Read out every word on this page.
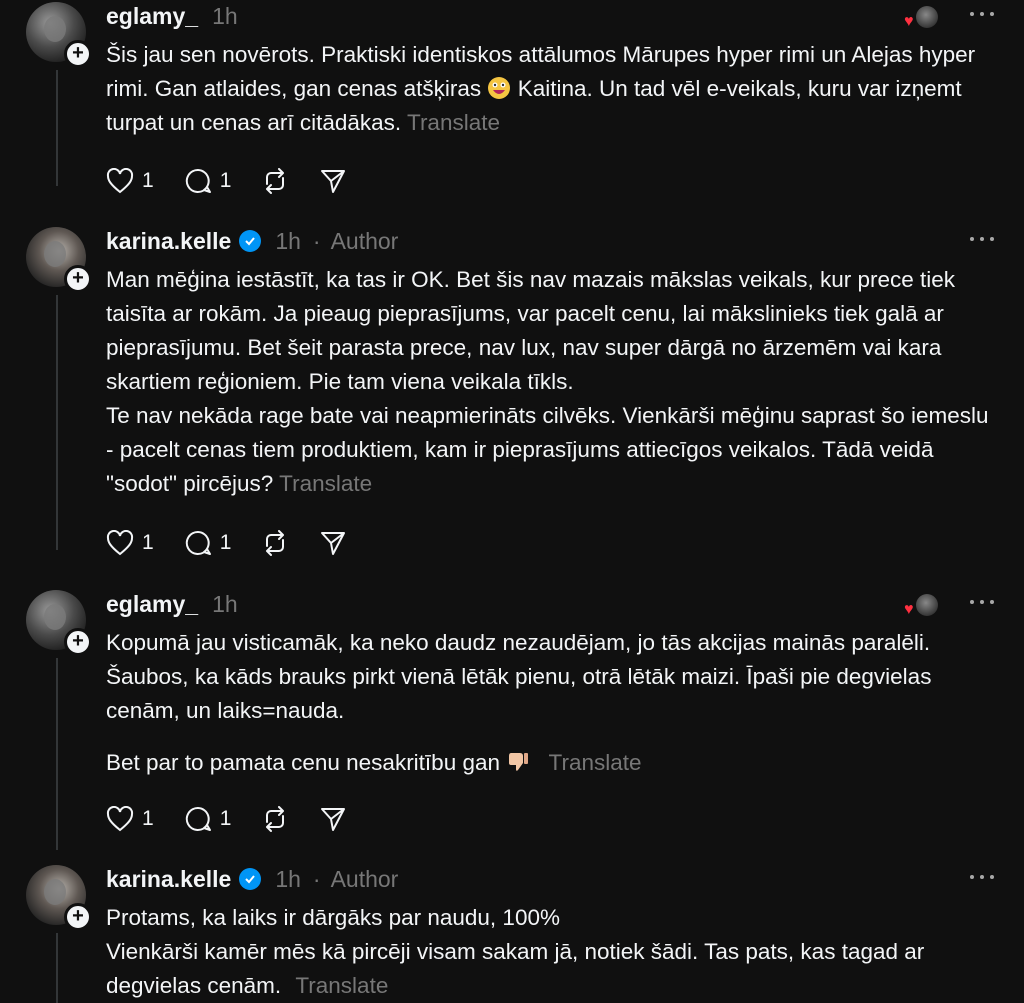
+
eglamy_ 1h	♥

Šis jau sen novērots. Praktiski identiskos attālumos Mārupes hyper rimi un Alejas hyper rimi. Gan atlaides, gan cenas atšķiras Kaitina. Un tad vēl e-veikals, kuru var izņemt turpat un cenas arī citādākas. Translate

1	1
+
karina.kelle 1h · Author

Man mēģina iestāstīt, ka tas ir OK. Bet šis nav mazais mākslas veikals, kur prece tiek taisīta ar rokām. Ja pieaug pieprasījums, var pacelt cenu, lai mākslinieks tiek galā ar pieprasījumu. Bet šeit parasta prece, nav lux, nav super dārgā no ārzemēm vai kara skartiem reģioniem. Pie tam viena veikala tīkls.

Te nav nekāda rage bate vai neapmierināts cilvēks. Vienkārši mēģinu saprast šo iemeslu - pacelt cenas tiem produktiem, kam ir pieprasījums attiecīgos veikalos. Tādā veidā "sodot" pircējus? Translate

1	1
+
eglamy_ 1h	♥

Kopumā jau visticamāk, ka neko daudz nezaudējam, jo tās akcijas mainās paralēli. Šaubos, ka kāds brauks pirkt vienā lētāk pienu, otrā lētāk maizi. Īpaši pie degvielas cenām, un laiks=nauda.

Bet par to pamata cenu nesakritību gan Translate

1	1
+
karina.kelle 1h · Author

Protams, ka laiks ir dārgāks par naudu, 100%

Vienkārši kamēr mēs kā pircēji visam sakam jā, notiek šādi. Tas pats, kas tagad ar degvielas cenām. Translate
